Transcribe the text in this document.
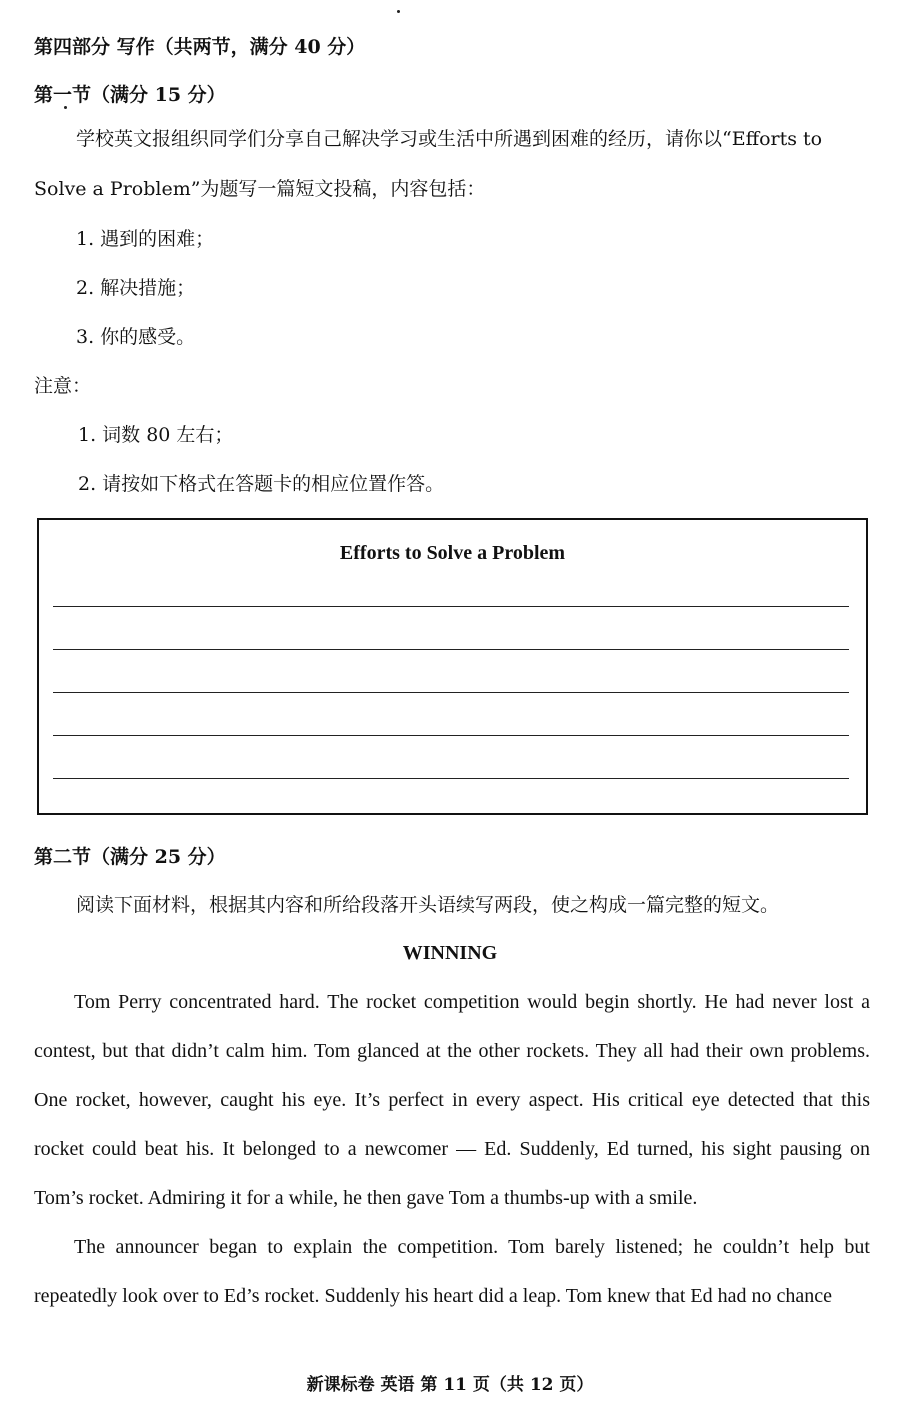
第四部分 写作（共两节，满分 40 分）
第一节（满分 15 分）
学校英文报组织同学们分享自己解决学习或生活中所遇到困难的经历，请你以“Efforts to
Solve a Problem”为题写一篇短文投稿，内容包括：
1. 遇到的困难；
2. 解决措施；
3. 你的感受。
注意：
1. 词数 80 左右；
2. 请按如下格式在答题卡的相应位置作答。
Efforts to Solve a Problem
第二节（满分 25 分）
阅读下面材料，根据其内容和所给段落开头语续写两段，使之构成一篇完整的短文。
WINNING

Tom Perry concentrated hard. The rocket competition would begin shortly. He had never lost a contest, but that didn’t calm him. Tom glanced at the other rockets. They all had their own problems. One rocket, however, caught his eye. It’s perfect in every aspect. His critical eye detected that this rocket could beat his. It belonged to a newcomer — Ed. Suddenly, Ed turned, his sight pausing on Tom’s rocket. Admiring it for a while, he then gave Tom a thumbs-up with a smile.

The announcer began to explain the competition. Tom barely listened; he couldn’t help but repeatedly look over to Ed’s rocket. Suddenly his heart did a leap. Tom knew that Ed had no chance

新课标卷 英语 第 11 页（共 12 页）
